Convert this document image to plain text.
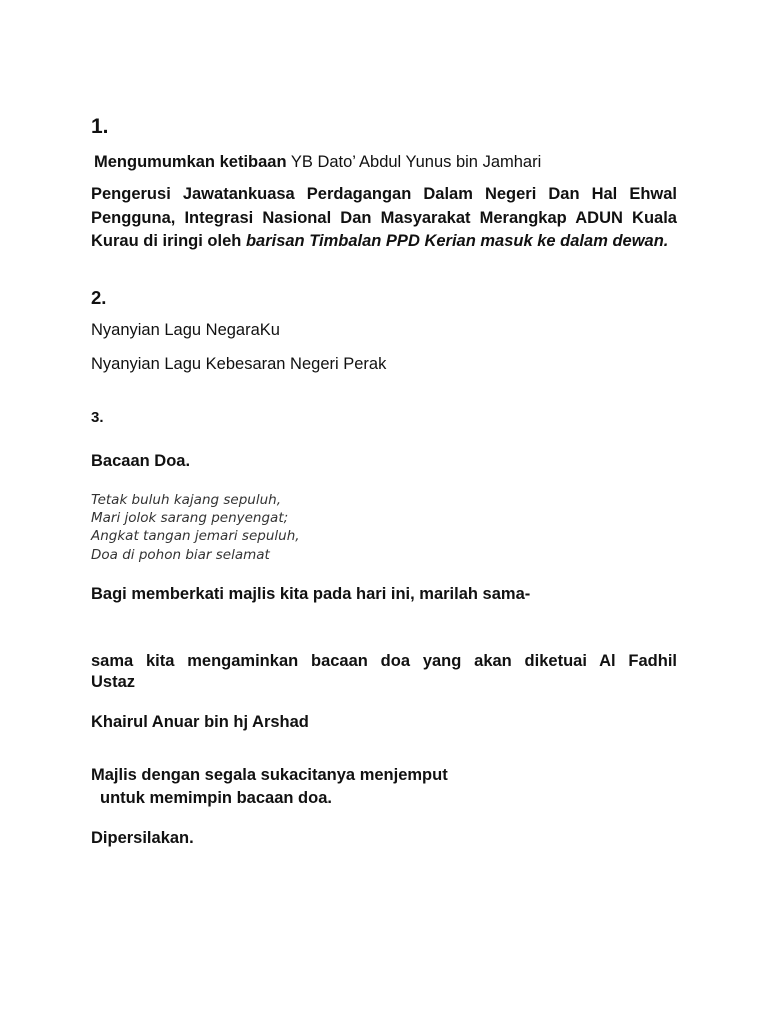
1.

Mengumumkan ketibaan YB Dato’ Abdul Yunus bin Jamhari

Pengerusi Jawatankuasa Perdagangan Dalam Negeri Dan Hal Ehwal Pengguna, Integrasi Nasional Dan Masyarakat Merangkap ADUN Kuala Kurau di iringi oleh barisan Timbalan PPD Kerian masuk ke dalam dewan.

2.

Nyanyian Lagu NegaraKu

Nyanyian Lagu Kebesaran Negeri Perak

3.

Bacaan Doa.

Tetak buluh kajang sepuluh,
Mari jolok sarang penyengat;
Angkat tangan jemari sepuluh,
Doa di pohon biar selamat

Bagi memberkati majlis kita pada hari ini, marilah sama-

sama kita mengaminkan bacaan doa yang akan diketuai Al Fadhil
Ustaz

Khairul Anuar bin hj Arshad

Majlis dengan segala sukacitanya menjemput

untuk memimpin bacaan doa.

Dipersilakan.
